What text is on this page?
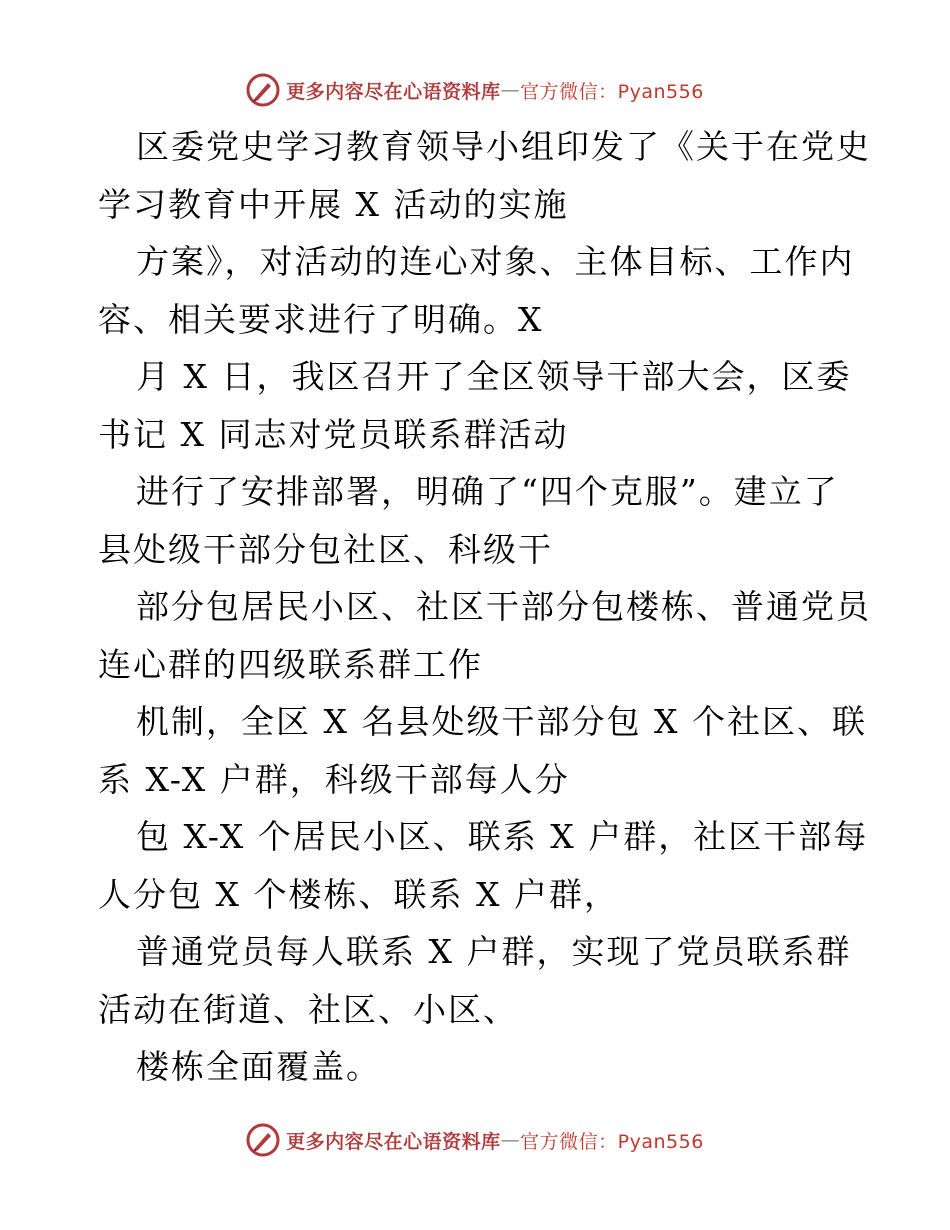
更多内容尽在心语资料库 — 官方微信：Pyan556
区委党史学习教育领导小组印发了《关于在党史
学习教育中开展 X 活动的实施
方案》，对活动的连心对象、主体目标、工作内
容、相关要求进行了明确。X
月 X 日，我区召开了全区领导干部大会，区委
书记 X 同志对党员联系群活动
进行了安排部署，明确了“四个克服”。建立了
县处级干部分包社区、科级干
部分包居民小区、社区干部分包楼栋、普通党员
连心群的四级联系群工作
机制，全区 X 名县处级干部分包 X 个社区、联
系 X-X 户群，科级干部每人分
包 X-X 个居民小区、联系 X 户群，社区干部每
人分包 X 个楼栋、联系 X 户群，
普通党员每人联系 X 户群，实现了党员联系群
活动在街道、社区、小区、
楼栋全面覆盖。
更多内容尽在心语资料库 — 官方微信：Pyan556
